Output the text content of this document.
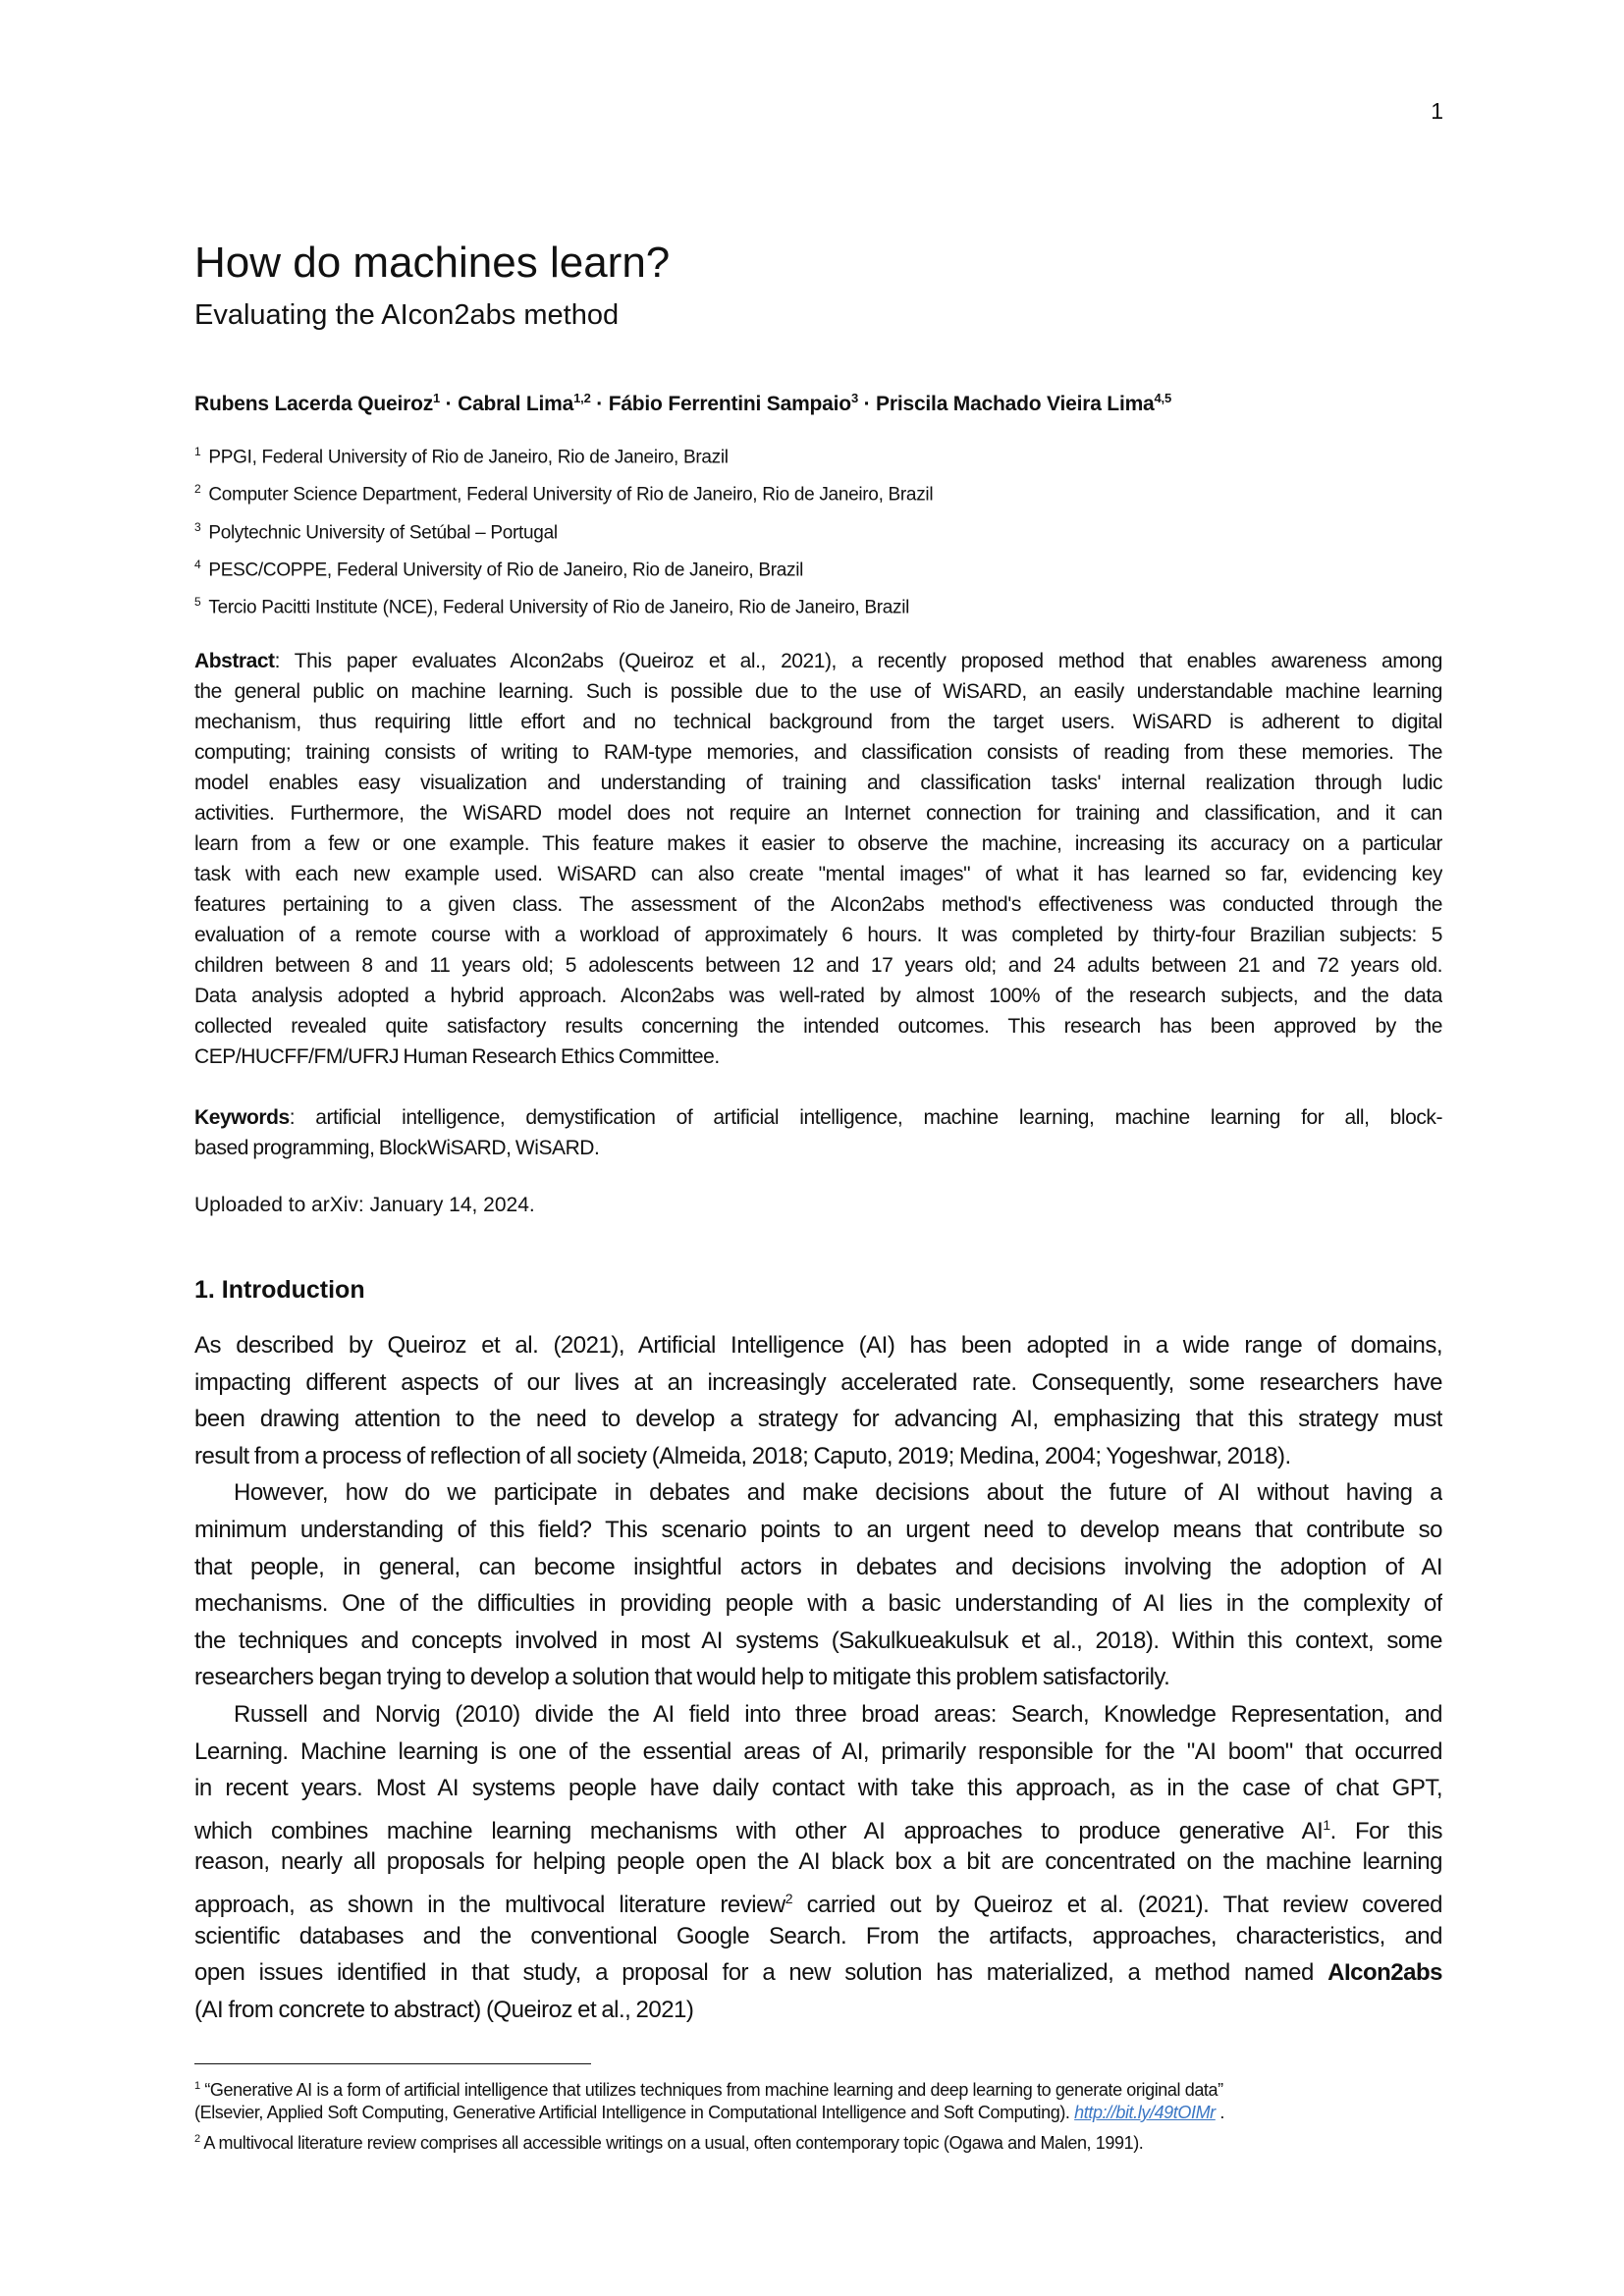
1
How do machines learn?
Evaluating the AIcon2abs method
Rubens Lacerda Queiroz$^1$ · Cabral Lima$^{1,2}$ · Fábio Ferrentini Sampaio$^3$ · Priscila Machado Vieira Lima$^{4,5}$
$^1$ PPGI, Federal University of Rio de Janeiro, Rio de Janeiro, Brazil
$^2$ Computer Science Department, Federal University of Rio de Janeiro, Rio de Janeiro, Brazil
$^3$ Polytechnic University of Setúbal – Portugal
$^4$ PESC/COPPE, Federal University of Rio de Janeiro, Rio de Janeiro, Brazil
$^5$ Tercio Pacitti Institute (NCE), Federal University of Rio de Janeiro, Rio de Janeiro, Brazil
Abstract: This paper evaluates AIcon2abs (Queiroz et al., 2021), a recently proposed method that enables awareness among
the general public on machine learning. Such is possible due to the use of WiSARD, an easily understandable machine learning
mechanism, thus requiring little effort and no technical background from the target users. WiSARD is adherent to digital
computing; training consists of writing to RAM-type memories, and classification consists of reading from these memories. The
model enables easy visualization and understanding of training and classification tasks' internal realization through ludic
activities. Furthermore, the WiSARD model does not require an Internet connection for training and classification, and it can
learn from a few or one example. This feature makes it easier to observe the machine, increasing its accuracy on a particular
task with each new example used. WiSARD can also create "mental images" of what it has learned so far, evidencing key
features pertaining to a given class. The assessment of the AIcon2abs method's effectiveness was conducted through the
evaluation of a remote course with a workload of approximately 6 hours. It was completed by thirty-four Brazilian subjects: 5
children between 8 and 11 years old; 5 adolescents between 12 and 17 years old; and 24 adults between 21 and 72 years old.
Data analysis adopted a hybrid approach. AIcon2abs was well-rated by almost 100% of the research subjects, and the data
collected revealed quite satisfactory results concerning the intended outcomes. This research has been approved by the
CEP/HUCFF/FM/UFRJ Human Research Ethics Committee.
Keywords: artificial intelligence, demystification of artificial intelligence, machine learning, machine learning for all, block-
based programming, BlockWiSARD, WiSARD.
Uploaded to arXiv: January 14, 2024.
1. Introduction
As described by Queiroz et al. (2021), Artificial Intelligence (AI) has been adopted in a wide range of domains,
impacting different aspects of our lives at an increasingly accelerated rate. Consequently, some researchers have
been drawing attention to the need to develop a strategy for advancing AI, emphasizing that this strategy must
result from a process of reflection of all society (Almeida, 2018; Caputo, 2019; Medina, 2004; Yogeshwar, 2018).
However, how do we participate in debates and make decisions about the future of AI without having a
minimum understanding of this field? This scenario points to an urgent need to develop means that contribute so
that people, in general, can become insightful actors in debates and decisions involving the adoption of AI
mechanisms. One of the difficulties in providing people with a basic understanding of AI lies in the complexity of
the techniques and concepts involved in most AI systems (Sakulkueakulsuk et al., 2018). Within this context, some
researchers began trying to develop a solution that would help to mitigate this problem satisfactorily.
Russell and Norvig (2010) divide the AI field into three broad areas: Search, Knowledge Representation, and
Learning. Machine learning is one of the essential areas of AI, primarily responsible for the "AI boom" that occurred
in recent years. Most AI systems people have daily contact with take this approach, as in the case of chat GPT,
which combines machine learning mechanisms with other AI approaches to produce generative AI$^1$. For this
reason, nearly all proposals for helping people open the AI black box a bit are concentrated on the machine learning
approach, as shown in the multivocal literature review$^2$ carried out by Queiroz et al. (2021). That review covered
scientific databases and the conventional Google Search. From the artifacts, approaches, characteristics, and
open issues identified in that study, a proposal for a new solution has materialized, a method named AIcon2abs
(AI from concrete to abstract) (Queiroz et al., 2021)
$^1$ “Generative AI is a form of artificial intelligence that utilizes techniques from machine learning and deep learning to generate original data”
(Elsevier, Applied Soft Computing, Generative Artificial Intelligence in Computational Intelligence and Soft Computing). http://bit.ly/49tOIMr .
$^2$ A multivocal literature review comprises all accessible writings on a usual, often contemporary topic (Ogawa and Malen, 1991).
